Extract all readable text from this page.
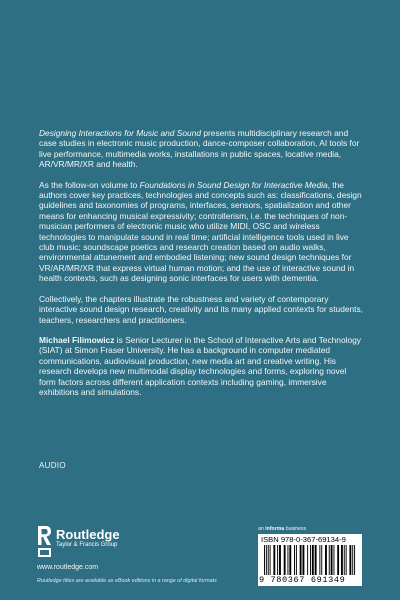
Designing Interactions for Music and Sound presents multidisciplinary research and case studies in electronic music production, dance-composer collaboration, AI tools for live performance, multimedia works, installations in public spaces, locative media, AR/VR/MR/XR and health.

As the follow-on volume to Foundations in Sound Design for Interactive Media, the authors cover key practices, technologies and concepts such as: classifications, design guidelines and taxonomies of programs, interfaces, sensors, spatialization and other means for enhancing musical expressivity; controllerism, i.e. the techniques of non-musician performers of electronic music who utilize MIDI, OSC and wireless technologies to manipulate sound in real time; artificial intelligence tools used in live club music; soundscape poetics and research creation based on audio walks, environmental attunement and embodied listening; new sound design techniques for VR/AR/MR/XR that express virtual human motion; and the use of interactive sound in health contexts, such as designing sonic interfaces for users with dementia.

Collectively, the chapters illustrate the robustness and variety of contemporary interactive sound design research, creativity and its many applied contexts for students, teachers, researchers and practitioners.

Michael Filimowicz is Senior Lecturer in the School of Interactive Arts and Technology (SIAT) at Simon Fraser University. He has a background in computer mediated communications, audiovisual production, new media art and creative writing. His research develops new multimodal display technologies and forms, exploring novel form factors across different application contexts including gaming, immersive exhibitions and simulations.

AUDIO
Routledge
Taylor & Francis Group
www.routledge.com
Routledge titles are available as eBook editions in a range of digital formats
an informa business
ISBN 978-0-367-69134-9
9 780367 691349
